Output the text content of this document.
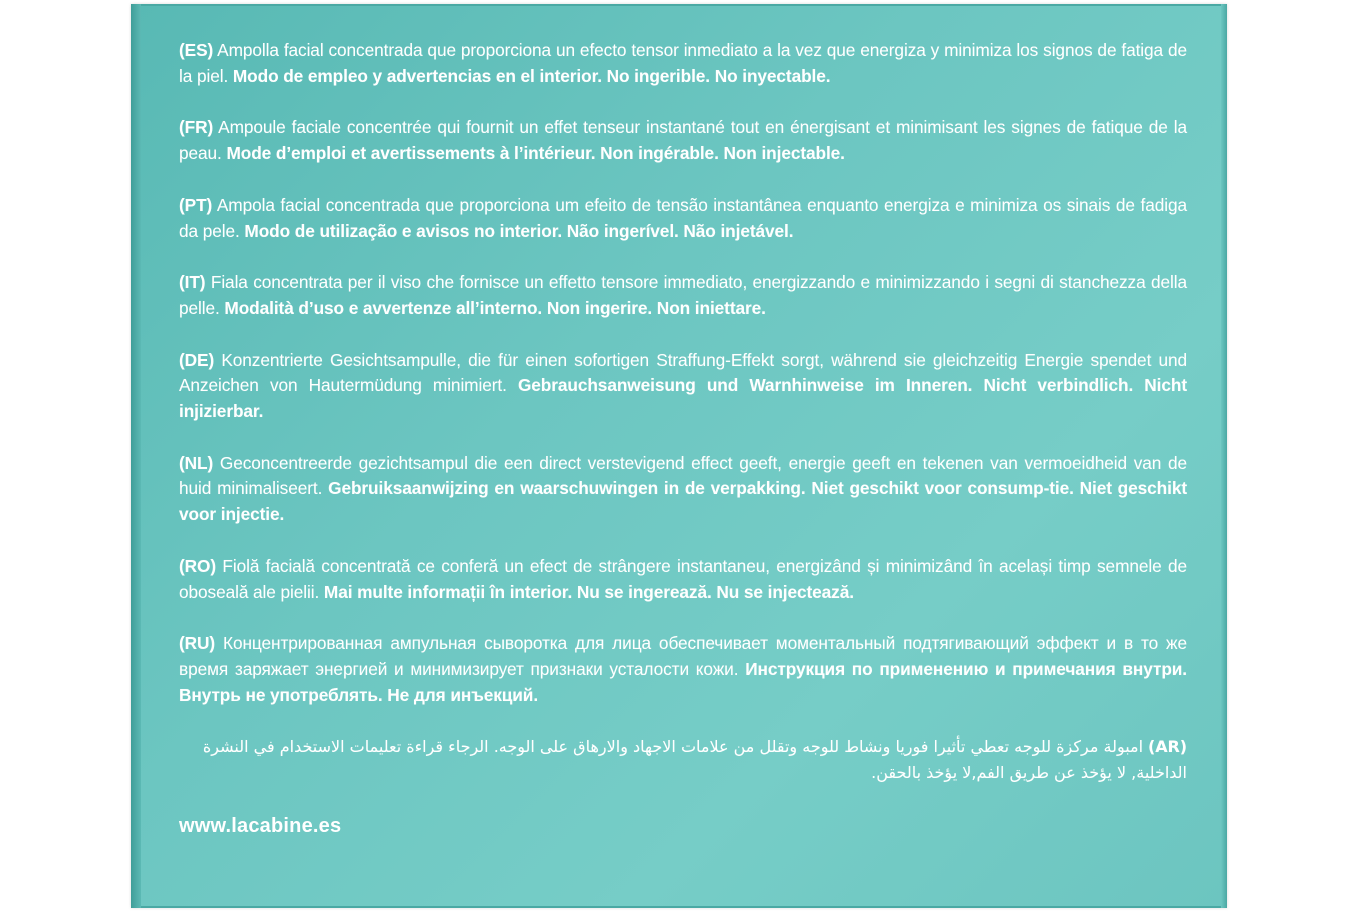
(ES) Ampolla facial concentrada que proporciona un efecto tensor inmediato a la vez que energiza y minimiza los signos de fatiga de la piel. Modo de empleo y advertencias en el interior. No ingerible. No inyectable.

(FR) Ampoule faciale concentrée qui fournit un effet tenseur instantané tout en énergisant et minimisant les signes de fatique de la peau. Mode d’emploi et avertissements à l’intérieur. Non ingérable. Non injectable.

(PT) Ampola facial concentrada que proporciona um efeito de tensão instantânea enquanto energiza e minimiza os sinais de fadiga da pele. Modo de utilização e avisos no interior. Não ingerível. Não injetável.

(IT) Fiala concentrata per il viso che fornisce un effetto tensore immediato, energizzando e minimizzando i segni di stanchezza della pelle. Modalità d’uso e avvertenze all’interno. Non ingerire. Non iniettare.

(DE) Konzentrierte Gesichtsampulle, die für einen sofortigen Straffung-Effekt sorgt, während sie gleichzeitig Energie spendet und Anzeichen von Hautermüdung minimiert. Gebrauchsanweisung und Warnhinweise im Inneren. Nicht verbindlich. Nicht injizierbar.

(NL) Geconcentreerde gezichtsampul die een direct verstevigend effect geeft, energie geeft en tekenen van vermoeidheid van de huid minimaliseert. Gebruiksaanwijzing en waarschuwingen in de verpakking. Niet geschikt voor consump-tie. Niet geschikt voor injectie.

(RO) Fiolă facială concentrată ce conferă un efect de strângere instantaneu, energizând și minimizând în același timp semnele de oboseală ale pielii. Mai multe informații în interior. Nu se ingerează. Nu se injectează.

(RU) Концентрированная ампульная сыворотка для лица обеспечивает моментальный подтягивающий эффект и в то же время заряжает энергией и минимизирует признаки усталости кожи. Инструкция по применению и примечания внутри. Внутрь не употреблять. Не для инъекций.

(AR) امبولة مركزة للوجه تعطي تأثيرا فوريا ونشاط للوجه وتقلل من علامات الاجهاد والارهاق على الوجه. الرجاء قراءة تعليمات الاستخدام في النشرة الداخلية, لا يؤخذ عن طريق الفم,لا يؤخذ بالحقن.

www.lacabine.es
